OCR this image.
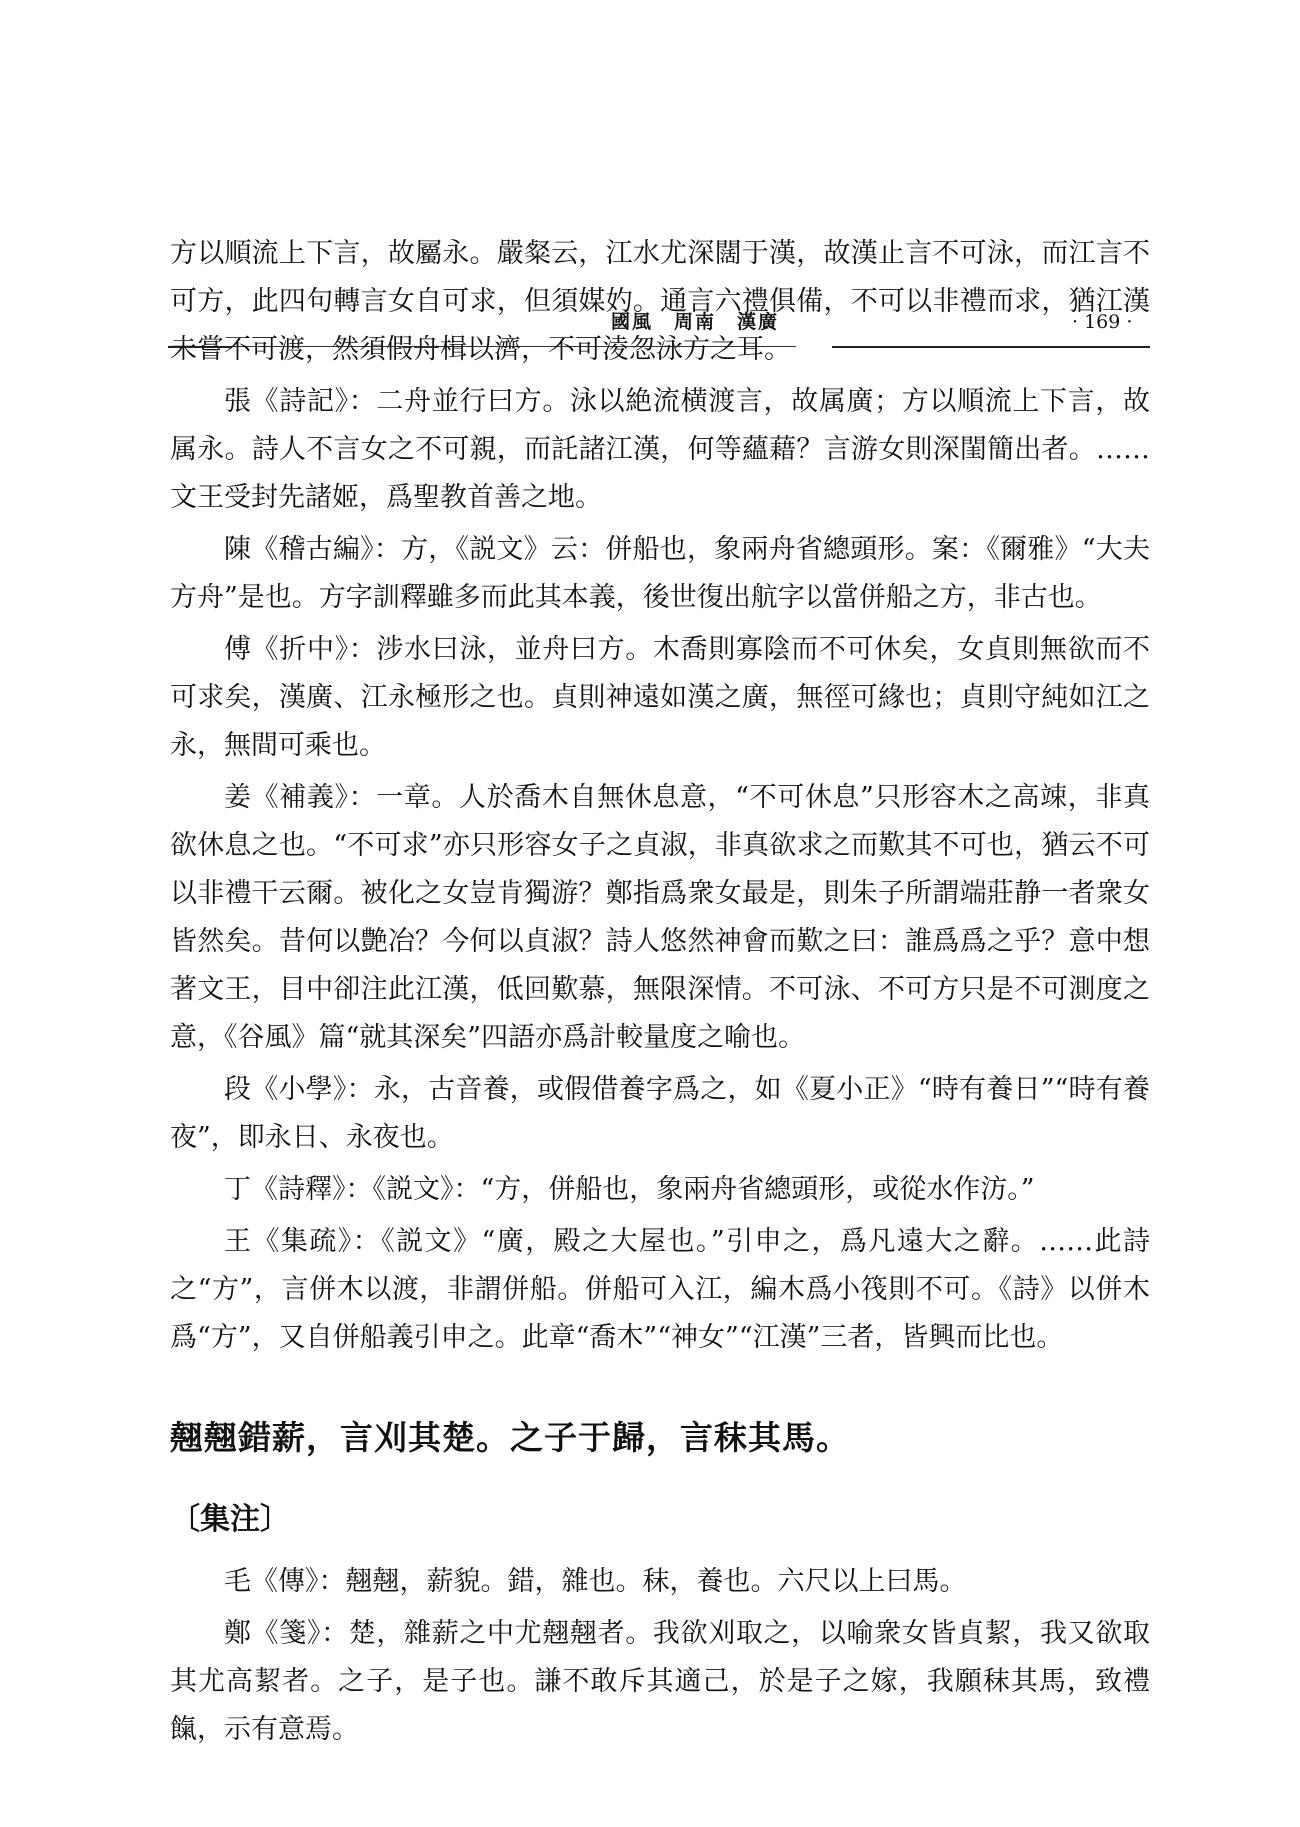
國風　周南　漢廣	· 169 ·

方以順流上下言，故屬永。嚴粲云，江水尤深闊于漢，故漢止言不可泳，而江言不可方，此四句轉言女自可求，但須媒妁。通言六禮俱備，不可以非禮而求，猶江漢未嘗不可渡，然須假舟楫以濟，不可淩忽泳方之耳。

張《詩記》：二舟並行曰方。泳以絶流横渡言，故属廣；方以順流上下言，故属永。詩人不言女之不可親，而託諸江漢，何等蘊藉？言游女則深閨簡出者。……文王受封先諸姬，爲聖教首善之地。

陳《稽古編》：方，《説文》云：併船也，象兩舟省總頭形。案：《爾雅》“大夫方舟”是也。方字訓釋雖多而此其本義，後世復出航字以當併船之方，非古也。

傅《折中》：涉水曰泳，並舟曰方。木喬則寡陰而不可休矣，女貞則無欲而不可求矣，漢廣、江永極形之也。貞則神遠如漢之廣，無徑可緣也；貞則守純如江之永，無間可乘也。

姜《補義》：一章。人於喬木自無休息意，“不可休息”只形容木之高竦，非真欲休息之也。“不可求”亦只形容女子之貞淑，非真欲求之而歎其不可也，猶云不可以非禮干云爾。被化之女豈肯獨游？鄭指爲衆女最是，則朱子所謂端莊静一者衆女皆然矣。昔何以艶冶？今何以貞淑？詩人悠然神會而歎之曰：誰爲爲之乎？意中想著文王，目中卻注此江漢，低回歎慕，無限深情。不可泳、不可方只是不可測度之意，《谷風》篇“就其深矣”四語亦爲計較量度之喻也。

段《小學》：永，古音養，或假借養字爲之，如《夏小正》“時有養日”“時有養夜”，即永日、永夜也。

丁《詩釋》：《説文》：“方，併船也，象兩舟省總頭形，或從水作汸。”

王《集疏》：《説文》“廣，殿之大屋也。”引申之，爲凡遠大之辭。……此詩之“方”，言併木以渡，非謂併船。併船可入江，編木爲小筏則不可。《詩》以併木爲“方”，又自併船義引申之。此章“喬木”“神女”“江漢”三者，皆興而比也。

翹翹錯薪，言刈其楚。之子于歸，言秣其馬。

〔集注〕

毛《傳》：翹翹，薪貌。錯，雜也。秣，養也。六尺以上曰馬。

鄭《箋》：楚，雜薪之中尤翹翹者。我欲刈取之，以喻衆女皆貞絜，我又欲取其尤高絜者。之子，是子也。謙不敢斥其適己，於是子之嫁，我願秣其馬，致禮餼，示有意焉。
